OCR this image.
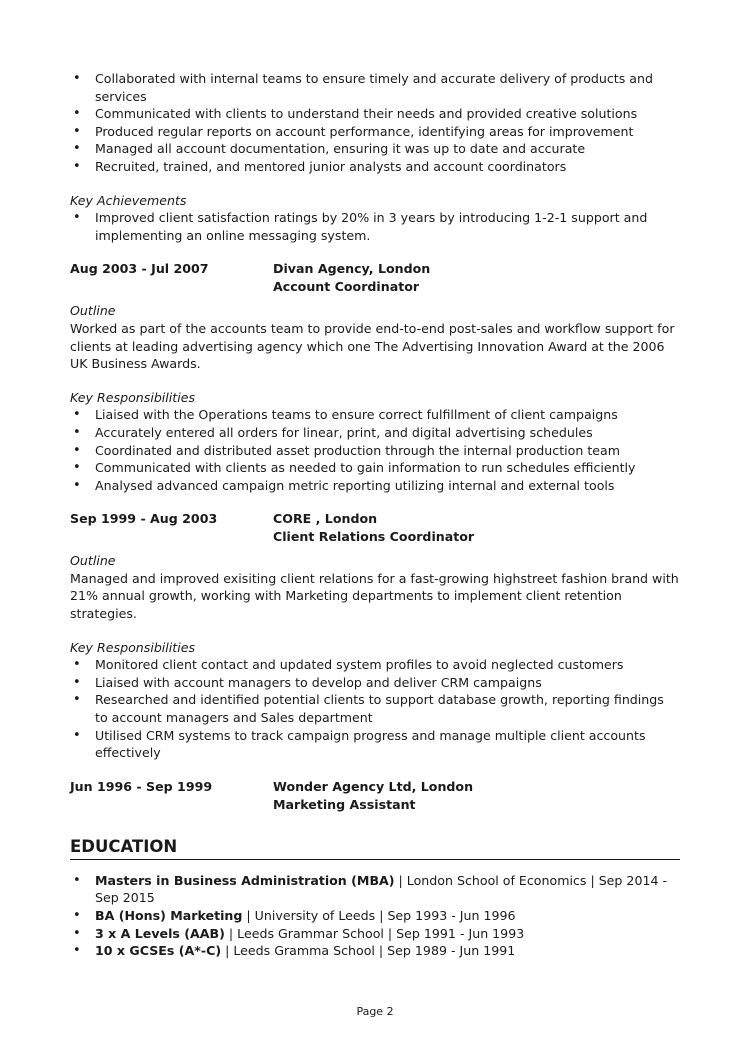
• Collaborated with internal teams to ensure timely and accurate delivery of products and services
• Communicated with clients to understand their needs and provided creative solutions
• Produced regular reports on account performance, identifying areas for improvement
• Managed all account documentation, ensuring it was up to date and accurate
• Recruited, trained, and mentored junior analysts and account coordinators
Key Achievements
• Improved client satisfaction ratings by 20% in 3 years by introducing 1-2-1 support and implementing an online messaging system.
Aug 2003 - Jul 2007	Divan Agency, London
Account Coordinator
Outline

Worked as part of the accounts team to provide end-to-end post-sales and workflow support for clients at leading advertising agency which one The Advertising Innovation Award at the 2006 UK Business Awards.

Key Responsibilities
• Liaised with the Operations teams to ensure correct fulfillment of client campaigns
• Accurately entered all orders for linear, print, and digital advertising schedules
• Coordinated and distributed asset production through the internal production team
• Communicated with clients as needed to gain information to run schedules efficiently
• Analysed advanced campaign metric reporting utilizing internal and external tools
Sep 1999 - Aug 2003	CORE , London
Client Relations Coordinator
Outline

Managed and improved exisiting client relations for a fast-growing highstreet fashion brand with 21% annual growth, working with Marketing departments to implement client retention strategies.

Key Responsibilities
• Monitored client contact and updated system profiles to avoid neglected customers
• Liaised with account managers to develop and deliver CRM campaigns
• Researched and identified potential clients to support database growth, reporting findings to account managers and Sales department
• Utilised CRM systems to track campaign progress and manage multiple client accounts effectively
Jun 1996 - Sep 1999	Wonder Agency Ltd, London
Marketing Assistant
EDUCATION
• Masters in Business Administration (MBA) | London School of Economics | Sep 2014 - Sep 2015
• BA (Hons) Marketing | University of Leeds | Sep 1993 - Jun 1996
• 3 x A Levels (AAB) | Leeds Grammar School | Sep 1991 - Jun 1993
• 10 x GCSEs (A*-C) | Leeds Gramma School | Sep 1989 - Jun 1991
Page 2
